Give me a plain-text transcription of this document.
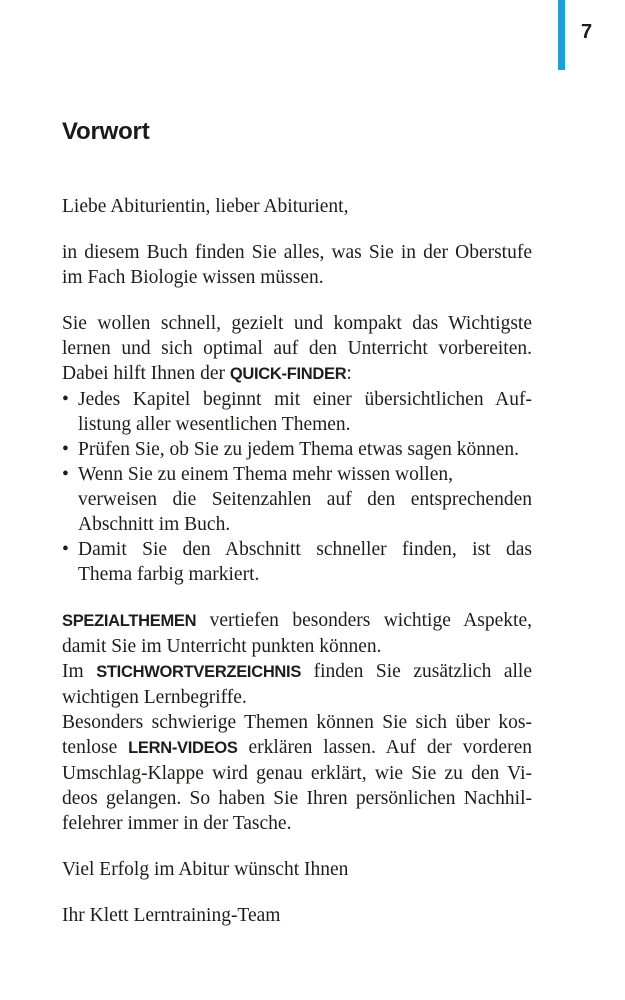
7
Vorwort
Liebe Abiturientin, lieber Abiturient,
in diesem Buch finden Sie alles, was Sie in der Oberstufe
im Fach Biologie wissen müssen.
Sie wollen schnell, gezielt und kompakt das Wichtigste
lernen und sich optimal auf den Unterricht vorbereiten.
Dabei hilft Ihnen der QUICK-FINDER:
• Jedes Kapitel beginnt mit einer übersichtlichen Auf-
listung aller wesentlichen Themen.
• Prüfen Sie, ob Sie zu jedem Thema etwas sagen können.
• Wenn Sie zu einem Thema mehr wissen wollen,
verweisen die Seitenzahlen auf den entsprechenden
Abschnitt im Buch.
• Damit Sie den Abschnitt schneller finden, ist das
Thema farbig markiert.
SPEZIALTHEMEN vertiefen besonders wichtige Aspekte,
damit Sie im Unterricht punkten können.
Im STICHWORTVERZEICHNIS finden Sie zusätzlich alle
wichtigen Lernbegriffe.
Besonders schwierige Themen können Sie sich über kos-
tenlose LERN-VIDEOS erklären lassen. Auf der vorderen
Umschlag-Klappe wird genau erklärt, wie Sie zu den Vi-
deos gelangen. So haben Sie Ihren persönlichen Nachhil-
felehrer immer in der Tasche.
Viel Erfolg im Abitur wünscht Ihnen
Ihr Klett Lerntraining-Team
